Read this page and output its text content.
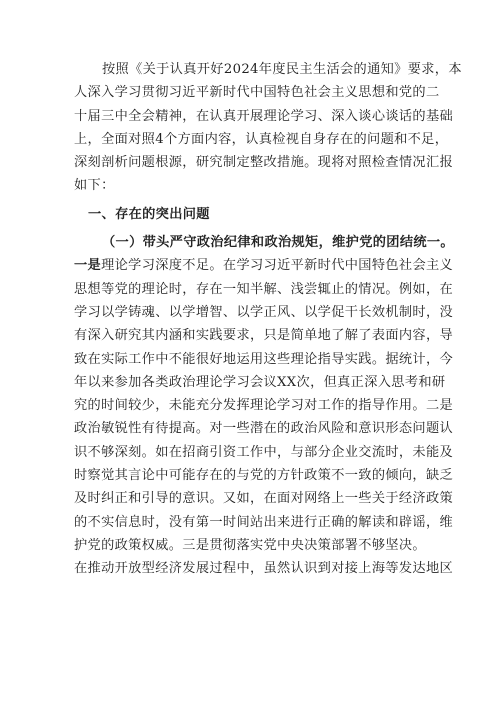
按照《关于认真开好2024年度民主生活会的通知》要求，本
人深入学习贯彻习近平新时代中国特色社会主义思想和党的二
十届三中全会精神，在认真开展理论学习、深入谈心谈话的基础
上，全面对照4个方面内容，认真检视自身存在的问题和不足，
深刻剖析问题根源，研究制定整改措施。现将对照检查情况汇报
如下：
一、存在的突出问题
（一）带头严守政治纪律和政治规矩，维护党的团结统一。
一是理论学习深度不足。在学习习近平新时代中国特色社会主义
思想等党的理论时，存在一知半解、浅尝辄止的情况。例如，在
学习以学铸魂、以学增智、以学正风、以学促干长效机制时，没
有深入研究其内涵和实践要求，只是简单地了解了表面内容，导
致在实际工作中不能很好地运用这些理论指导实践。据统计，今
年以来参加各类政治理论学习会议XX次，但真正深入思考和研
究的时间较少，未能充分发挥理论学习对工作的指导作用。二是
政治敏锐性有待提高。对一些潜在的政治风险和意识形态问题认
识不够深刻。如在招商引资工作中，与部分企业交流时，未能及
时察觉其言论中可能存在的与党的方针政策不一致的倾向，缺乏
及时纠正和引导的意识。又如，在面对网络上一些关于经济政策
的不实信息时，没有第一时间站出来进行正确的解读和辟谣，维
护党的政策权威。三是贯彻落实党中央决策部署不够坚决。
在推动开放型经济发展过程中，虽然认识到对接上海等发达地区
